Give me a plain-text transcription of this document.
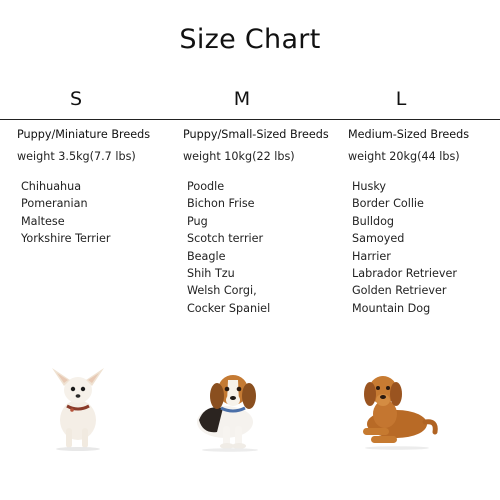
Size Chart
S	M	L
Puppy/Miniature Breeds
weight 3.5kg(7.7 lbs)
Chihuahua
Pomeranian
Maltese
Yorkshire Terrier
Puppy/Small-Sized Breeds
weight 10kg(22 lbs)
Poodle
Bichon Frise
Pug
Scotch terrier
Beagle
Shih Tzu
Welsh Corgi,
Cocker Spaniel
Medium-Sized Breeds
weight 20kg(44 lbs)
Husky
Border Collie
Bulldog
Samoyed
Harrier
Labrador Retriever
Golden Retriever
Mountain Dog
